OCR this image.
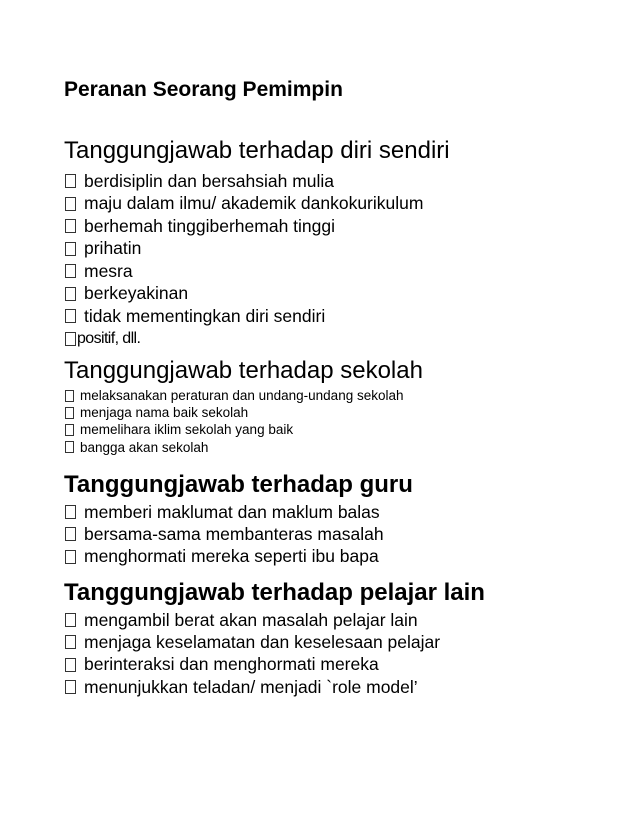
Peranan Seorang Pemimpin
Tanggungjawab terhadap diri sendiri
berdisiplin dan bersahsiah mulia
maju dalam ilmu/ akademik dankokurikulum
berhemah tinggiberhemah tinggi
prihatin
mesra
berkeyakinan
tidak mementingkan diri sendiri
positif, dll.
Tanggungjawab terhadap sekolah
melaksanakan peraturan dan undang-undang sekolah
menjaga nama baik sekolah
memelihara iklim sekolah yang baik
bangga akan sekolah
Tanggungjawab terhadap guru
memberi maklumat dan maklum balas
bersama-sama membanteras masalah
menghormati mereka seperti ibu bapa
Tanggungjawab terhadap pelajar lain
mengambil berat akan masalah pelajar lain
menjaga keselamatan dan keselesaan pelajar
berinteraksi dan menghormati mereka
menunjukkan teladan/ menjadi `role model’
